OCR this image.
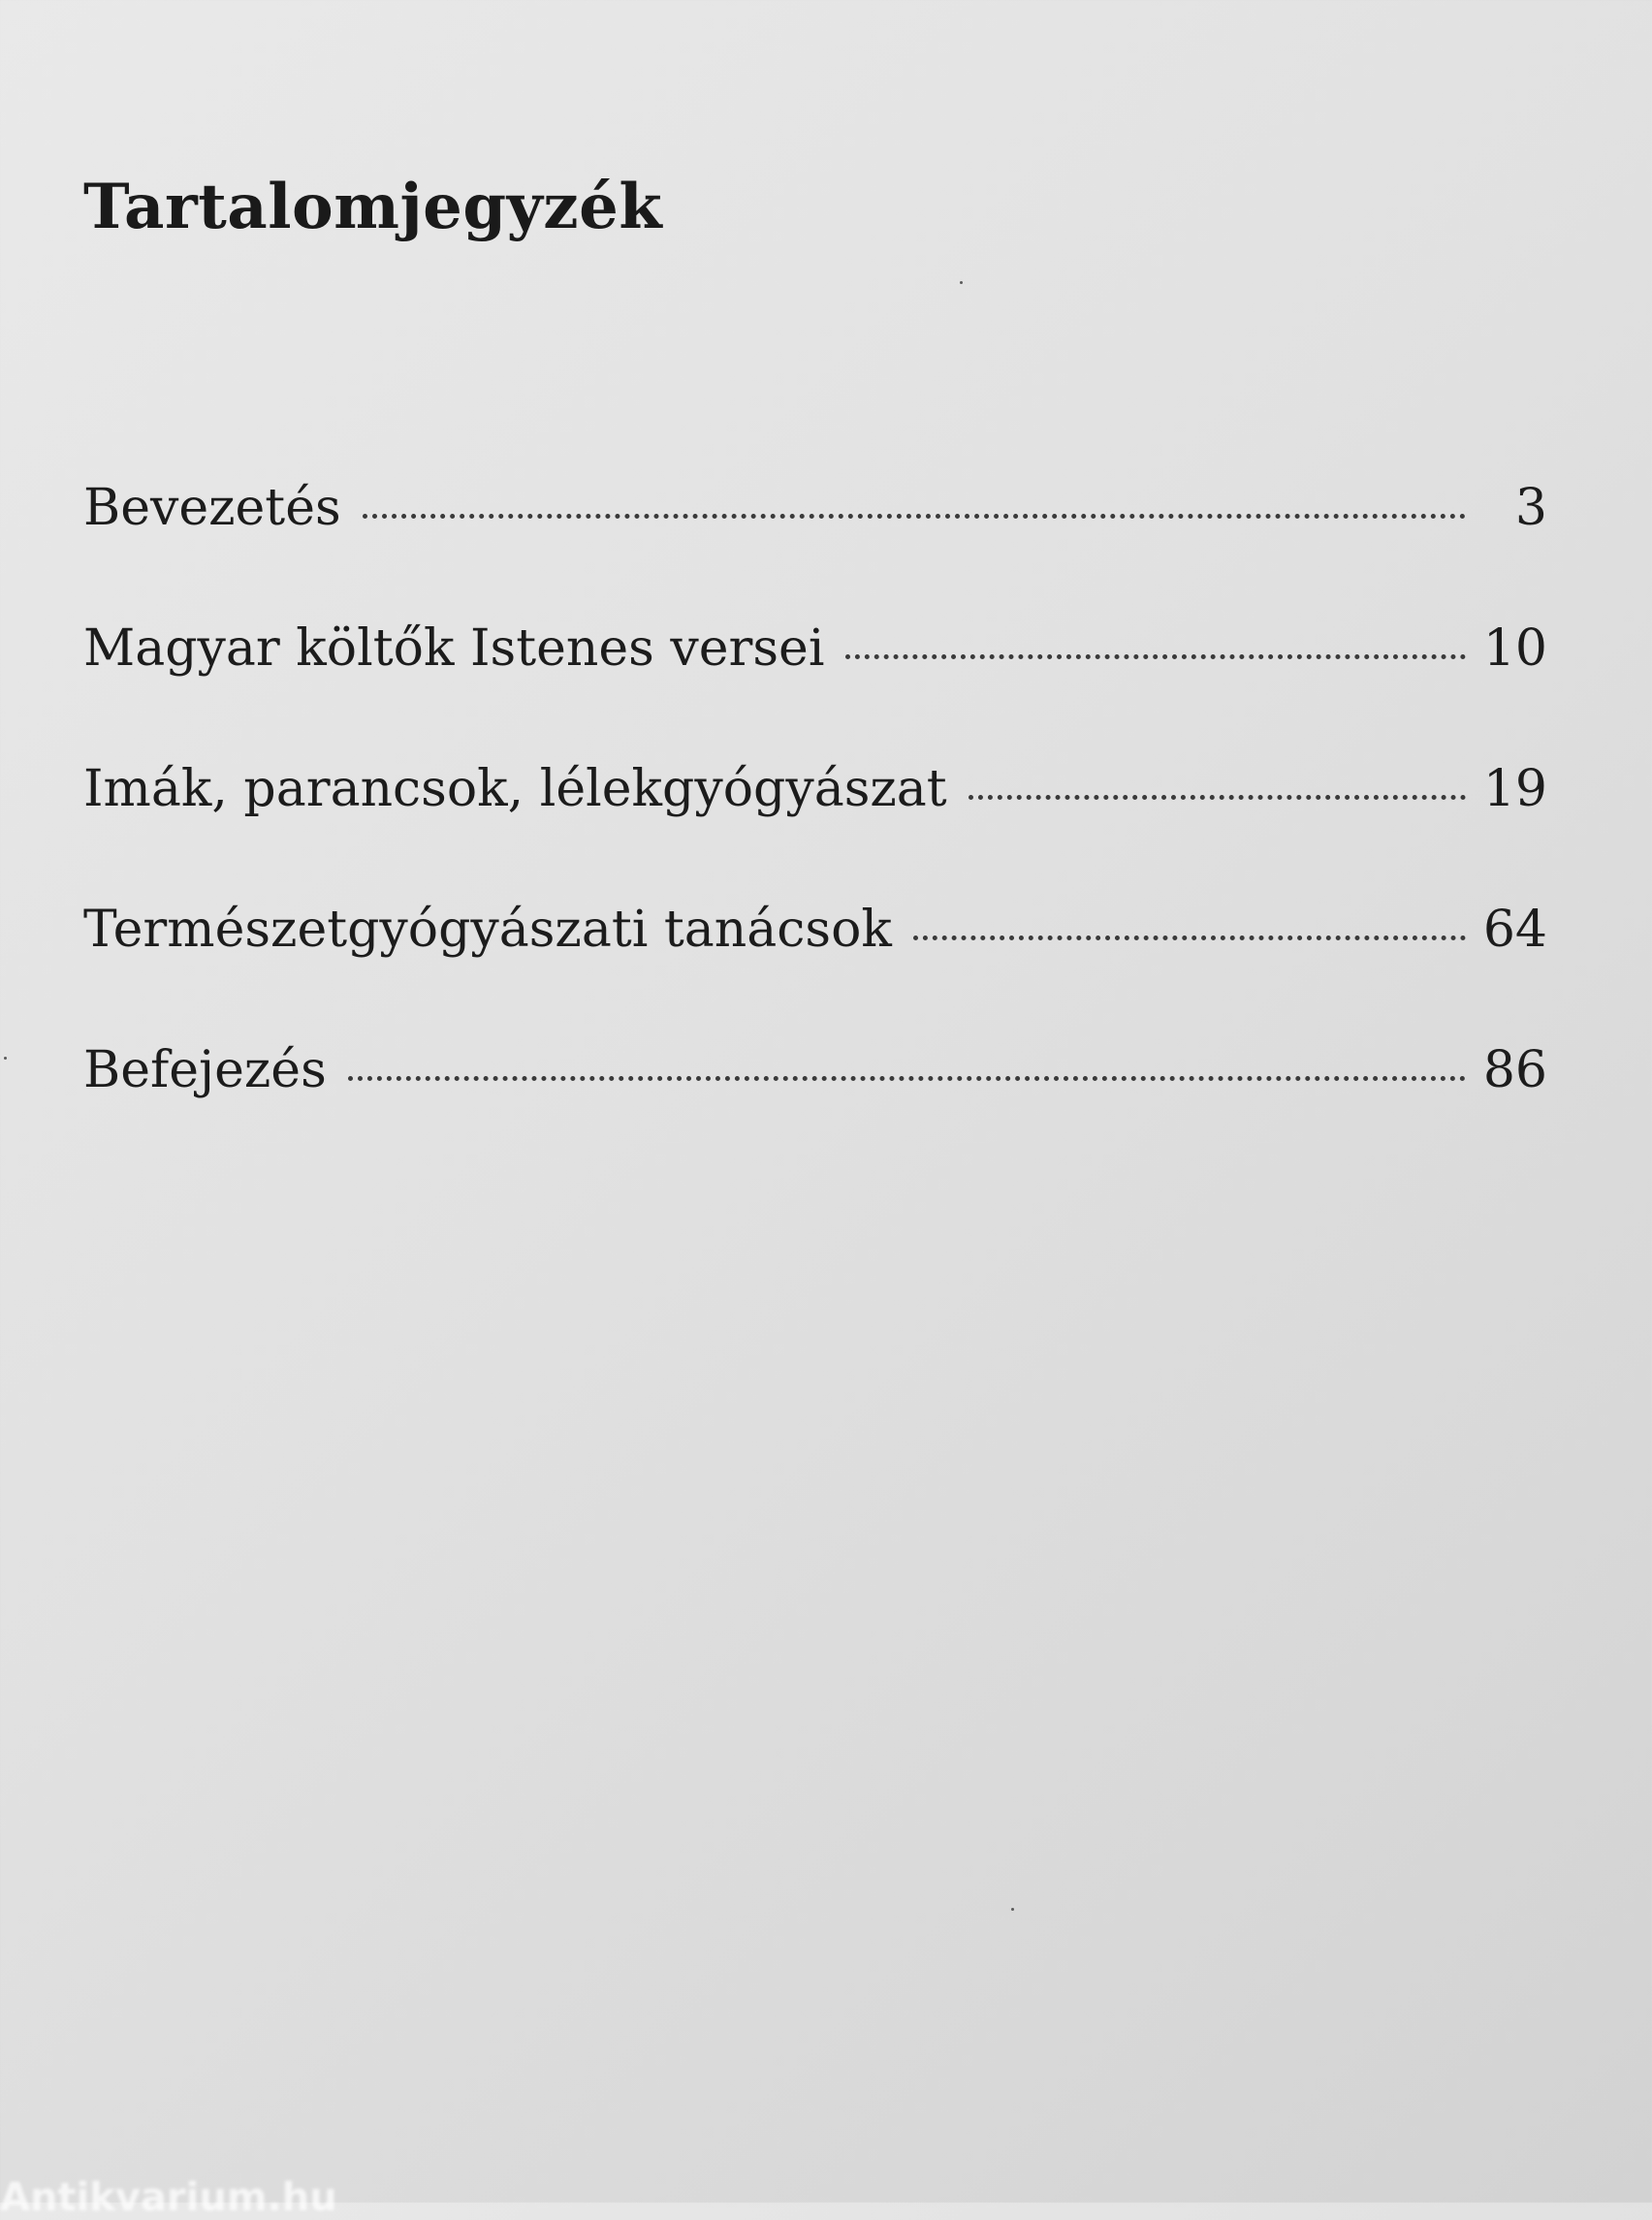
Tartalomjegyzék
Bevezetés	3
Magyar költők Istenes versei	10
Imák, parancsok, lélekgyógyászat	19
Természetgyógyászati tanácsok	64
Befejezés	86
Antikvarium.hu
